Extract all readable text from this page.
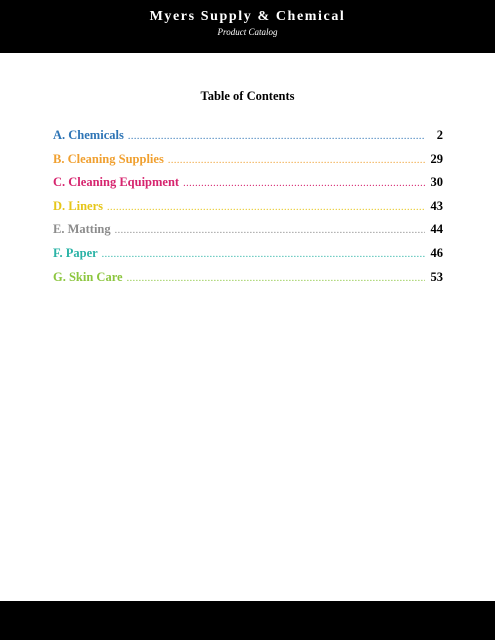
Myers Supply & Chemical
Product Catalog
Table of Contents
A. Chemicals .....	2
B. Cleaning Supplies .....	29
C. Cleaning Equipment .....	30
D. Liners .....	43
E. Matting .....	44
F. Paper .....	46
G. Skin Care .....	53
